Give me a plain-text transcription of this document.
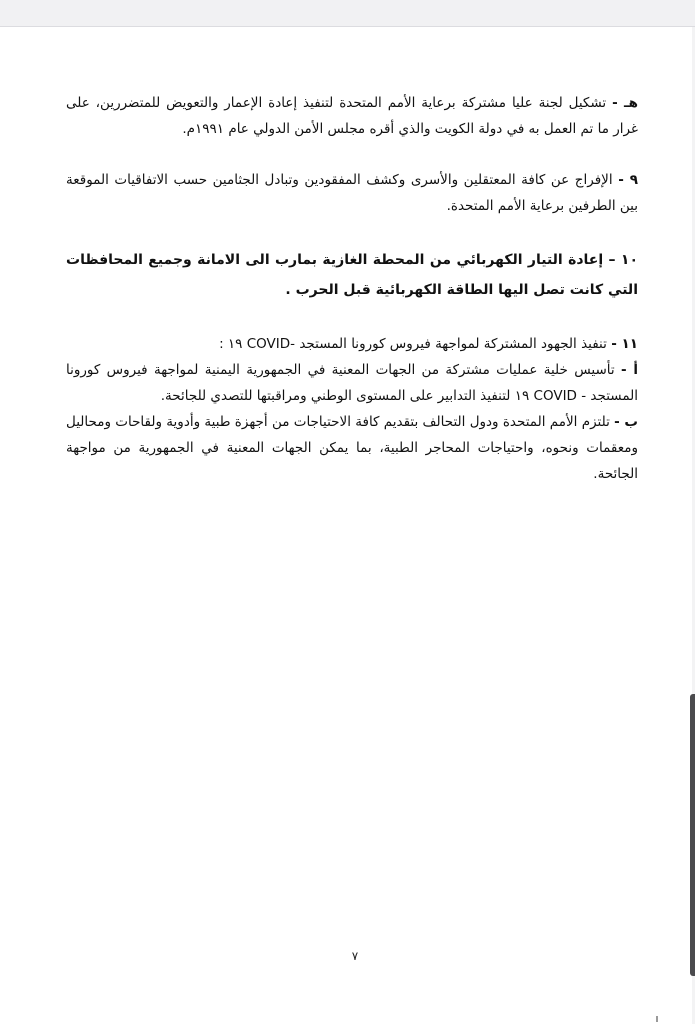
هـ - تشكيل لجنة عليا مشتركة برعاية الأمم المتحدة لتنفيذ إعادة الإعمار والتعويض للمتضررين، على غرار ما تم العمل به في دولة الكويت والذي أقره مجلس الأمن الدولي عام ١٩٩١م.

٩ - الإفراج عن كافة المعتقلين والأسرى وكشف المفقودين وتبادل الجثامين حسب الاتفاقيات الموقعة بين الطرفين برعاية الأمم المتحدة.

١٠ – إعادة التيار الكهربائي من المحطة الغازية بمارب الى الامانة وجميع المحافظات التي كانت تصل اليها الطاقة الكهربائية قبل الحرب .

١١ - تنفيذ الجهود المشتركة لمواجهة فيروس كورونا المستجد -COVID ١٩ :

أ - تأسيس خلية عمليات مشتركة من الجهات المعنية في الجمهورية اليمنية لمواجهة فيروس كورونا المستجد - COVID ١٩ لتنفيذ التدابير على المستوى الوطني ومراقبتها للتصدي للجائحة.

ب - تلتزم الأمم المتحدة ودول التحالف بتقديم كافة الاحتياجات من أجهزة طبية وأدوية ولقاحات ومحاليل ومعقمات ونحوه، واحتياجات المحاجر الطبية، بما يمكن الجهات المعنية في الجمهورية من مواجهة الجائحة.

٧
